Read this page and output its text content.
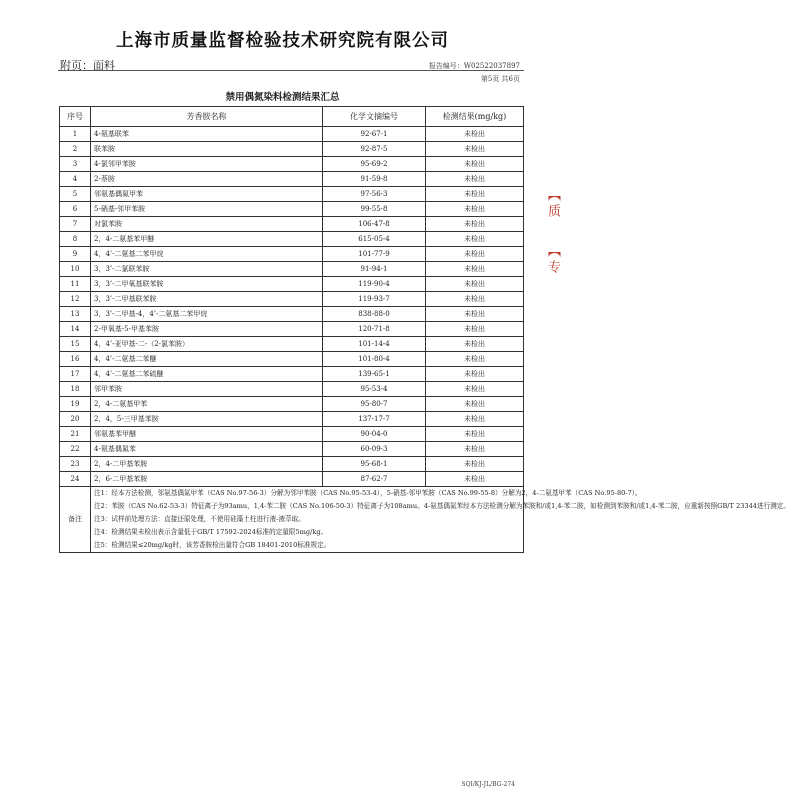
上海市质量监督检验技术研究院有限公司
附页：面料	报告编号：W02522037897
第5页 共6页
禁用偶氮染料检测结果汇总
序号	芳香胺名称	化学文摘编号	检测结果(mg/kg)
1	4-氨基联苯	92-67-1	未检出
2	联苯胺	92-87-5	未检出
3	4-氯邻甲苯胺	95-69-2	未检出
4	2-萘胺	91-59-8	未检出
5	邻氨基偶氮甲苯	97-56-3	未检出
6	5-硝基-邻甲苯胺	99-55-8	未检出
7	对氯苯胺	106-47-8	未检出
8	2，4-二氨基苯甲醚	615-05-4	未检出
9	4，4’-二氨基二苯甲烷	101-77-9	未检出
10	3，3’-二氯联苯胺	91-94-1	未检出
11	3，3’-二甲氧基联苯胺	119-90-4	未检出
12	3，3’-二甲基联苯胺	119-93-7	未检出
13	3，3’-二甲基-4，4’-二氨基二苯甲烷	838-88-0	未检出
14	2-甲氧基-5-甲基苯胺	120-71-8	未检出
15	4，4’-亚甲基-二-（2-氯苯胺）	101-14-4	未检出
16	4，4’-二氨基二苯醚	101-80-4	未检出
17	4，4’-二氨基二苯硫醚	139-65-1	未检出
18	邻甲苯胺	95-53-4	未检出
19	2，4-二氨基甲苯	95-80-7	未检出
20	2，4，5-三甲基苯胺	137-17-7	未检出
21	邻氨基苯甲醚	90-04-0	未检出
22	4-氨基偶氮苯	60-09-3	未检出
23	2，4-二甲基苯胺	95-68-1	未检出
24	2，6-二甲基苯胺	87-62-7	未检出
备注	注1：经本方法检测，邻氨基偶氮甲苯（CAS No.97-56-3）分解为邻甲苯胺（CAS No.95-53-4），5-硝基-邻甲苯胺（CAS No.99-55-8）分解为2，4-二氨基甲苯（CAS No.95-80-7）。
注2：苯胺（CAS No.62-53-3）特征离子为93amu，1,4-苯二胺（CAS No.106-50-3）特征离子为108amu。4-氨基偶氮苯经本方法检测分解为苯胺和/或1,4-苯二胺，如检测到苯胺和/或1,4-苯二胺，应重新按照GB/T 23344进行测定。
注3：试样前处理方法：直接还原处理，不使用硅藻土柱进行液-液萃取。
注4：检测结果未检出表示含量低于GB/T 17592-2024标准的定量限5mg/kg。
注5：检测结果≤20mg/kg时，该芳香胺检出量符合GB 18401-2010标准规定。		
【
质
【
专
SQI/KJ-JL/BG-274
